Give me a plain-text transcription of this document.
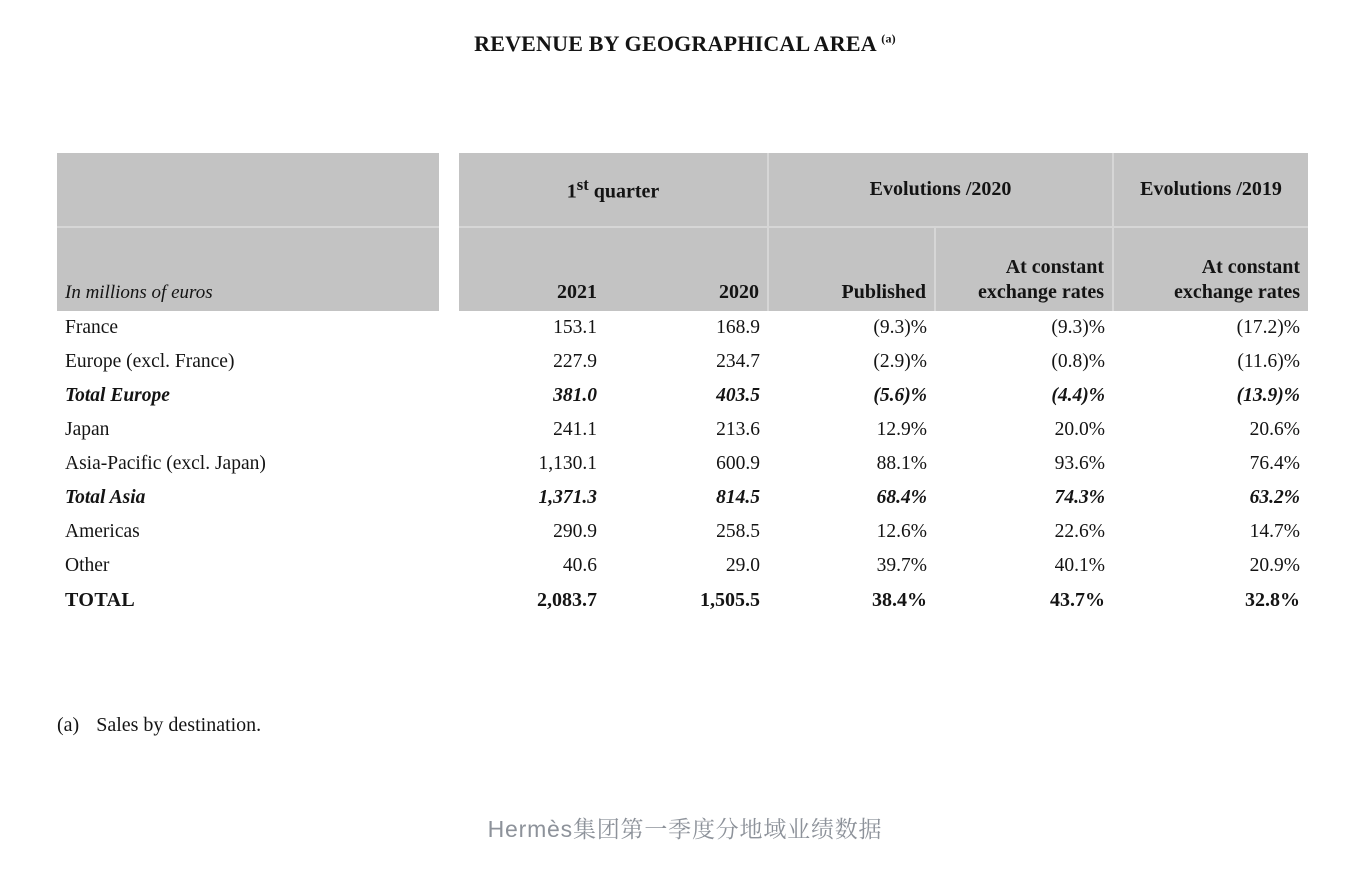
REVENUE BY GEOGRAPHICAL AREA $^{(a)}$
		1st quarter		Evolutions /2020		Evolutions /2019
In millions of euros		2021	2020	Published	At constant exchange rates	At constant exchange rates
France		153.1	168.9	(9.3)%	(9.3)%	(17.2)%
Europe (excl. France)		227.9	234.7	(2.9)%	(0.8)%	(11.6)%
Total Europe		381.0	403.5	(5.6)%	(4.4)%	(13.9)%
Japan		241.1	213.6	12.9%	20.0%	20.6%
Asia-Pacific (excl. Japan)		1,130.1	600.9	88.1%	93.6%	76.4%
Total Asia		1,371.3	814.5	68.4%	74.3%	63.2%
Americas		290.9	258.5	12.6%	22.6%	14.7%
Other		40.6	29.0	39.7%	40.1%	20.9%
TOTAL		2,083.7	1,505.5	38.4%	43.7%	32.8%
(a) Sales by destination.
Hermès集团第一季度分地域业绩数据
